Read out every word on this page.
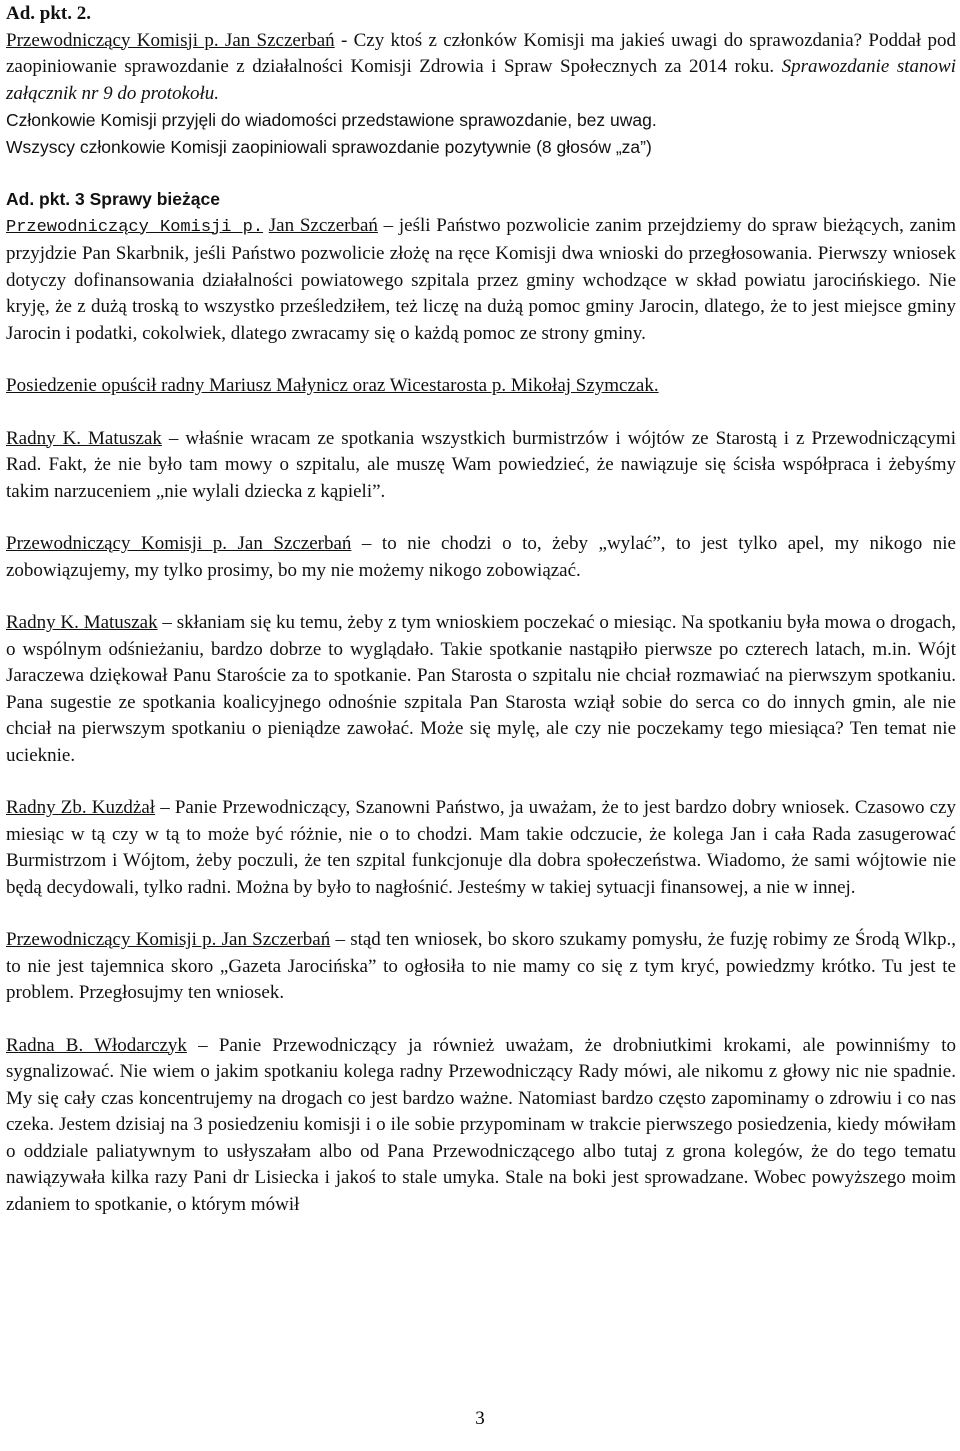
Ad. pkt. 2.

Przewodniczący Komisji p. Jan Szczerbań - Czy ktoś z członków Komisji ma jakieś uwagi do sprawozdania? Poddał pod zaopiniowanie sprawozdanie z działalności Komisji Zdrowia i Spraw Społecznych za 2014 roku. Sprawozdanie stanowi załącznik nr 9 do protokołu.

Członkowie Komisji przyjęli do wiadomości przedstawione sprawozdanie, bez uwag.

Wszyscy członkowie Komisji zaopiniowali sprawozdanie pozytywnie (8 głosów „za”)

Ad. pkt. 3 Sprawy bieżące

Przewodniczący Komisji p. Jan Szczerbań – jeśli Państwo pozwolicie zanim przejdziemy do spraw bieżących, zanim przyjdzie Pan Skarbnik, jeśli Państwo pozwolicie złożę na ręce Komisji dwa wnioski do przegłosowania. Pierwszy wniosek dotyczy dofinansowania działalności powiatowego szpitala przez gminy wchodzące w skład powiatu jarocińskiego. Nie kryję, że z dużą troską to wszystko prześledziłem, też liczę na dużą pomoc gminy Jarocin, dlatego, że to jest miejsce gminy Jarocin i podatki, cokolwiek, dlatego zwracamy się o każdą pomoc ze strony gminy.

Posiedzenie opuścił radny Mariusz Małynicz oraz Wicestarosta p. Mikołaj Szymczak.

Radny K. Matuszak – właśnie wracam ze spotkania wszystkich burmistrzów i wójtów ze Starostą i z Przewodniczącymi Rad. Fakt, że nie było tam mowy o szpitalu, ale muszę Wam powiedzieć, że nawiązuje się ścisła współpraca i żebyśmy takim narzuceniem „nie wylali dziecka z kąpieli”.

Przewodniczący Komisji p. Jan Szczerbań – to nie chodzi o to, żeby „wylać”, to jest tylko apel, my nikogo nie zobowiązujemy, my tylko prosimy, bo my nie możemy nikogo zobowiązać.

Radny K. Matuszak – skłaniam się ku temu, żeby z tym wnioskiem poczekać o miesiąc. Na spotkaniu była mowa o drogach, o wspólnym odśnieżaniu, bardzo dobrze to wyglądało. Takie spotkanie nastąpiło pierwsze po czterech latach, m.in. Wójt Jaraczewa dziękował Panu Staroście za to spotkanie. Pan Starosta o szpitalu nie chciał rozmawiać na pierwszym spotkaniu. Pana sugestie ze spotkania koalicyjnego odnośnie szpitala Pan Starosta wziął sobie do serca co do innych gmin, ale nie chciał na pierwszym spotkaniu o pieniądze zawołać. Może się mylę, ale czy nie poczekamy tego miesiąca? Ten temat nie ucieknie.

Radny Zb. Kuzdżał – Panie Przewodniczący, Szanowni Państwo, ja uważam, że to jest bardzo dobry wniosek. Czasowo czy miesiąc w tą czy w tą to może być różnie, nie o to chodzi. Mam takie odczucie, że kolega Jan i cała Rada zasugerować Burmistrzom i Wójtom, żeby poczuli, że ten szpital funkcjonuje dla dobra społeczeństwa. Wiadomo, że sami wójtowie nie będą decydowali, tylko radni. Można by było to nagłośnić. Jesteśmy w takiej sytuacji finansowej, a nie w innej.

Przewodniczący Komisji p. Jan Szczerbań – stąd ten wniosek, bo skoro szukamy pomysłu, że fuzję robimy ze Środą Wlkp., to nie jest tajemnica skoro „Gazeta Jarocińska” to ogłosiła to nie mamy co się z tym kryć, powiedzmy krótko. Tu jest te problem. Przegłosujmy ten wniosek.

Radna B. Włodarczyk – Panie Przewodniczący ja również uważam, że drobniutkimi krokami, ale powinniśmy to sygnalizować. Nie wiem o jakim spotkaniu kolega radny Przewodniczący Rady mówi, ale nikomu z głowy nic nie spadnie. My się cały czas koncentrujemy na drogach co jest bardzo ważne. Natomiast bardzo często zapominamy o zdrowiu i co nas czeka. Jestem dzisiaj na 3 posiedzeniu komisji i o ile sobie przypominam w trakcie pierwszego posiedzenia, kiedy mówiłam o oddziale paliatywnym to usłyszałam albo od Pana Przewodniczącego albo tutaj z grona kolegów, że do tego tematu nawiązywała kilka razy Pani dr Lisiecka i jakoś to stale umyka. Stale na boki jest sprowadzane. Wobec powyższego moim zdaniem to spotkanie, o którym mówił

3
